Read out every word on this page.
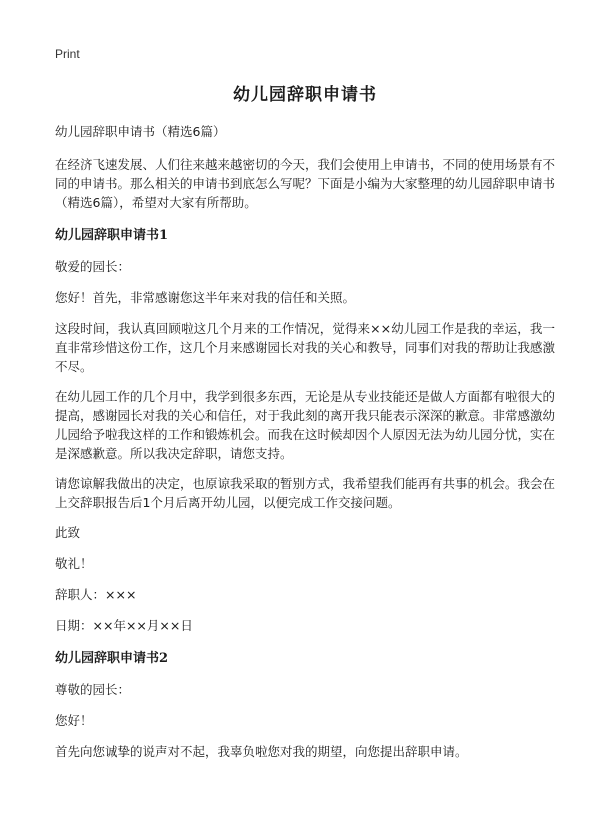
Print
幼儿园辞职申请书
幼儿园辞职申请书（精选6篇）
在经济飞速发展、人们往来越来越密切的今天，我们会使用上申请书，不同的使用场景有不同的申请书。那么相关的申请书到底怎么写呢？下面是小编为大家整理的幼儿园辞职申请书（精选6篇），希望对大家有所帮助。
幼儿园辞职申请书1
敬爱的园长：
您好！首先，非常感谢您这半年来对我的信任和关照。
这段时间，我认真回顾啦这几个月来的工作情况，觉得来××幼儿园工作是我的幸运，我一直非常珍惜这份工作，这几个月来感谢园长对我的关心和教导，同事们对我的帮助让我感激不尽。
在幼儿园工作的几个月中，我学到很多东西，无论是从专业技能还是做人方面都有啦很大的提高，感谢园长对我的关心和信任，对于我此刻的离开我只能表示深深的歉意。非常感激幼儿园给予啦我这样的工作和锻炼机会。而我在这时候却因个人原因无法为幼儿园分忧，实在是深感歉意。所以我决定辞职，请您支持。
请您谅解我做出的决定，也原谅我采取的暂别方式，我希望我们能再有共事的机会。我会在上交辞职报告后1个月后离开幼儿园，以便完成工作交接问题。
此致
敬礼！
辞职人：×××
日期：××年××月××日
幼儿园辞职申请书2
尊敬的园长：
您好！
首先向您诚挚的说声对不起，我辜负啦您对我的期望，向您提出辞职申请。
